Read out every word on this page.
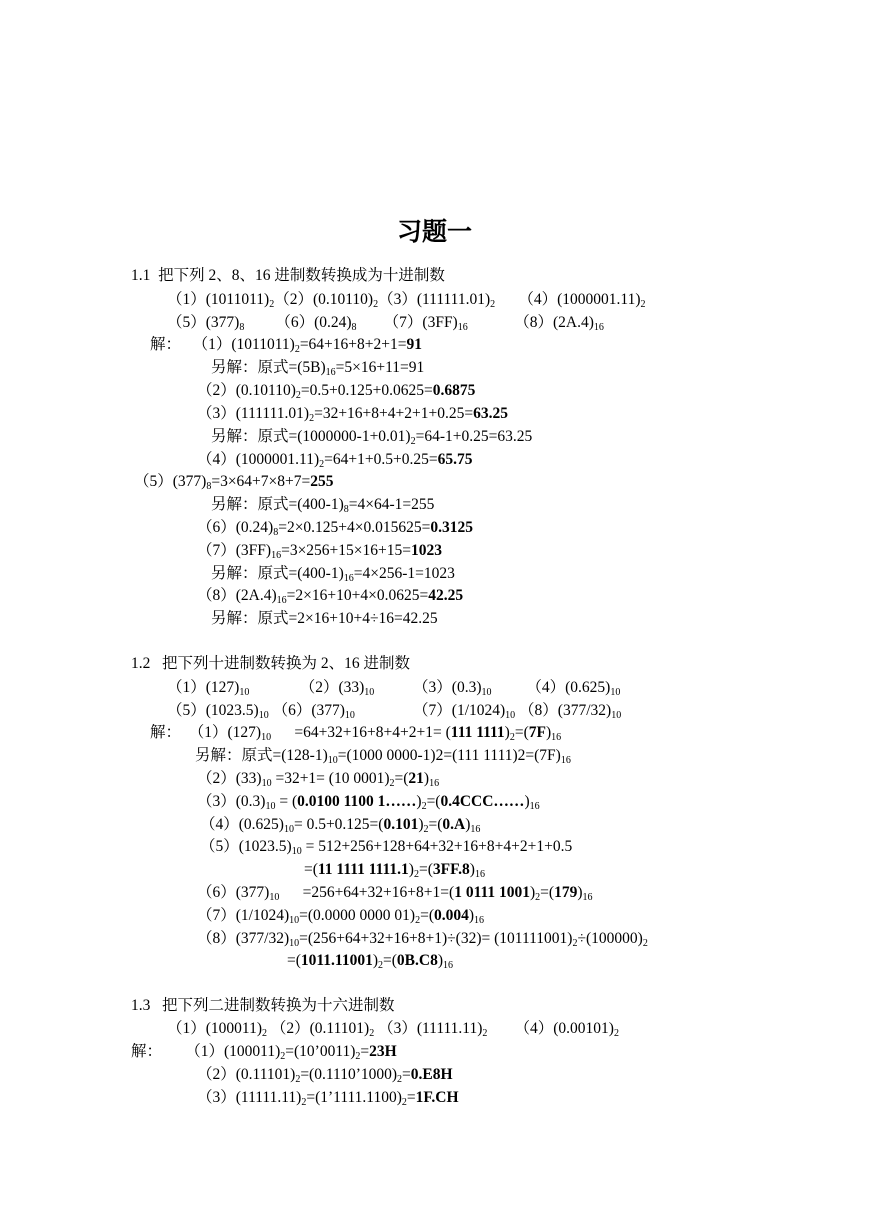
习题一
1.1  把下列 2、8、16 进制数转换成为十进制数
$(1)(1011011)_2(2)(0.10110)_2(3)(111111.01)_2$      $(4)(1000001.11)_2$
$(5)(377)_8$        $(6)(0.24)_8$       $(7)(3FF)_{16}$            $(8)(2A.4)_{16}$
解：   $(1)(1011011)_2=64+16+8+2+1=91$
另解：原式$=(5B)_{16}=5\times 16+11=91$
$(2)(0.10110)_2=0.5+0.125+0.0625=0.6875$
$(3)(111111.01)_2=32+16+8+4+2+1+0.25=63.25$
另解：原式$=(1000000-1+0.01)_2=64-1+0.25=63.25$
$(4)(1000001.11)_2=64+1+0.5+0.25=65.75$
$(5)(377)_8=3\times 64+7\times 8+7=255$
另解：原式$=(400-1)_8=4\times 64-1=255$
$(6)(0.24)_8=2\times 0.125+4\times 0.015625=0.3125$
$(7)(3FF)_{16}=3\times 256+15\times 16+15=1023$
另解：原式$=(400-1)_{16}=4\times 256-1=1023$
$(8)(2A.4)_{16}=2\times 16+10+4\times 0.0625=42.25$
另解：原式=2×16+10+4÷16=42.25
1.2   把下列十进制数转换为 2、16 进制数
$(1)(127)_{10}$             $(2)(33)_{10}$          $(3)(0.3)_{10}$         $(4)(0.625)_{10}$
$(5)(1023.5)_{10}$ $(6)(377)_{10}$               $(7)(1/1024)_{10}$ $(8)(377/32)_{10}$
解：  $(1)(127)_{10}$      =64+32+16+8+4+2+1= (111 $1111)_2=(7F)_{16}$
另解：原式$=(128-1)_{10}=(1000$ 0000-1)2=(111 $1111)2=(7F)_{16}$
$(2)(33)_{10} =32+1= (10$ $0001)_2=(21)_{16}$
$(3)(0.3)_{10} = (0.0100$ 1100 $1\dots\dots)_2=(0.4CCC\dots\dots)_{16}$
$(4)(0.625)_{10}= 0.5+0.125=(0.101)_2=(0.A)_{16}$
$(5)(1023.5)_{10} = 512+256+128+64+32+16+8+4+2+1+0.5$
=(11 1111 $1111.1)_2=(3FF.8)_{16}$
$(6)(377)_{10}$      =256+64+32+16+8+1=(1 0111 $1001)_2=(179)_{16}$
$(7)(1/1024)_{10}=(0.0000$ 0000 $01)_2=(0.004)_{16}$
$(8)(377/32)_{10}=(256+64+32+16+8+1)\div(32)= (101111001)_2\div(100000)_2$
$=(1011.11001)_2=(0B.C8)_{16}$
1.3   把下列二进制数转换为十六进制数
$(1)(100011)_2$ $(2)(0.11101)_2$ $(3)(11111.11)_2$       $(4)(0.00101)_2$
解：      $(1)(100011)_2=(10’0011)_2=23H$
$(2)(0.11101)_2=(0.1110’1000)_2=0.E8H$
$(3)(11111.11)_2=(1’1111.1100)_2=1F.CH$
